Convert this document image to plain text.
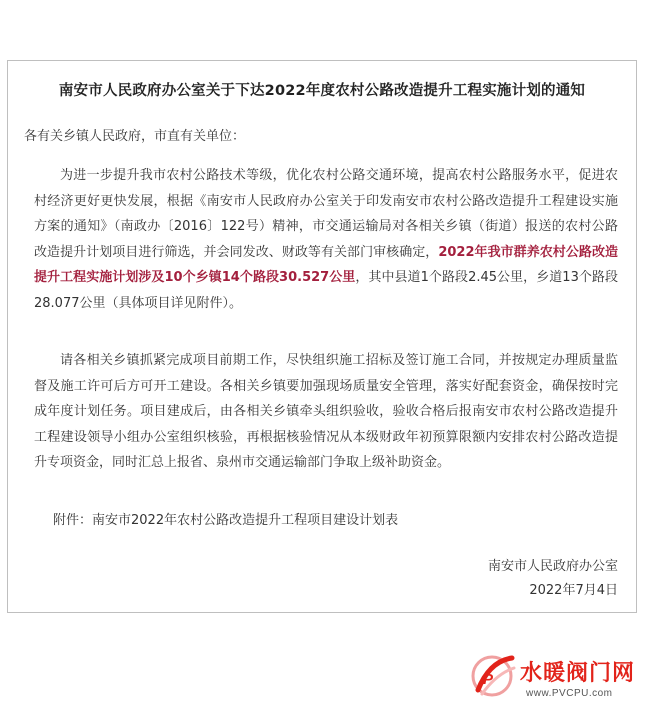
南安市人民政府办公室关于下达2022年度农村公路改造提升工程实施计划的通知
各有关乡镇人民政府，市直有关单位：
为进一步提升我市农村公路技术等级，优化农村公路交通环境，提高农村公路服务水平，促进农村经济更好更快发展，根据《南安市人民政府办公室关于印发南安市农村公路改造提升工程建设实施方案的通知》（南政办〔2016〕122号）精神，市交通运输局对各相关乡镇（街道）报送的农村公路改造提升计划项目进行筛选，并会同发改、财政等有关部门审核确定，2022年我市群养农村公路改造提升工程实施计划涉及10个乡镇14个路段30.527公里，其中县道1个路段2.45公里，乡道13个路段28.077公里（具体项目详见附件）。
请各相关乡镇抓紧完成项目前期工作，尽快组织施工招标及签订施工合同，并按规定办理质量监督及施工许可后方可开工建设。各相关乡镇要加强现场质量安全管理，落实好配套资金，确保按时完成年度计划任务。项目建成后，由各相关乡镇牵头组织验收，验收合格后报南安市农村公路改造提升工程建设领导小组办公室组织核验，再根据核验情况从本级财政年初预算限额内安排农村公路改造提升专项资金，同时汇总上报省、泉州市交通运输部门争取上级补助资金。
附件：南安市2022年农村公路改造提升工程项目建设计划表
南安市人民政府办公室
2022年7月4日
P 水暖阀门网
www.PVCPU.com
